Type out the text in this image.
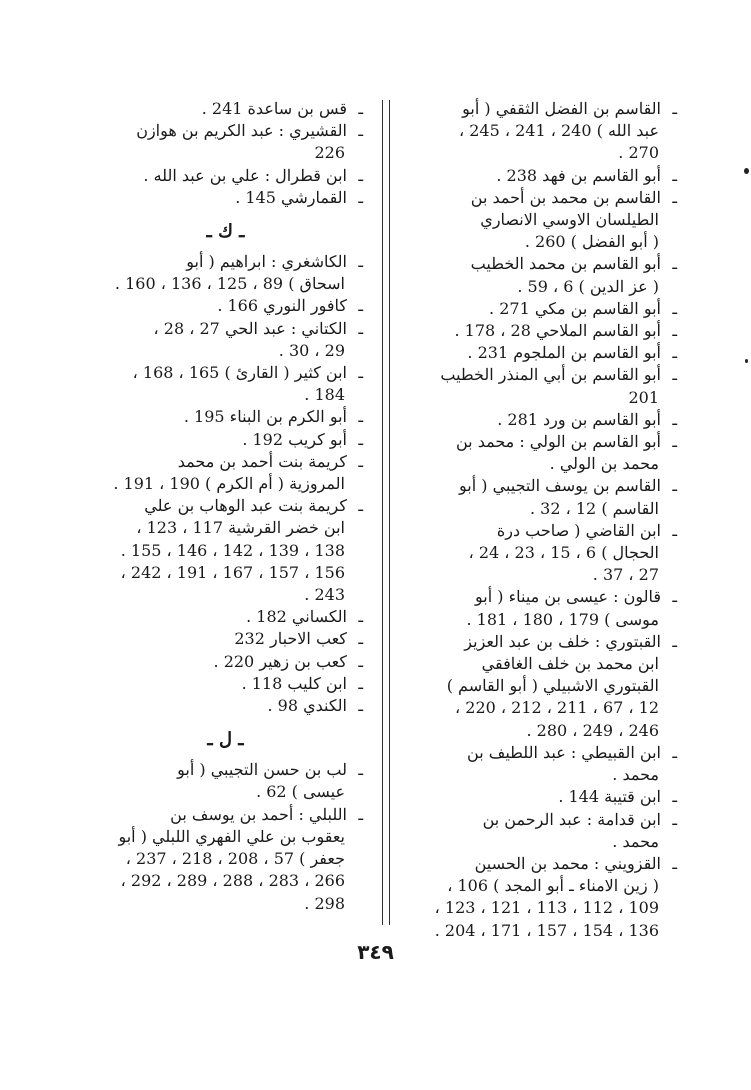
ـالقاسم بن الفضل الثقفي ( أبو
عبد الله ) 240 ، 241 ، 245 ،
270 .
ـأبو القاسم بن فهد 238 .
ـالقاسم بن محمد بن أحمد بن
الطيلسان الاوسي الانصاري
( أبو الفضل ) 260 .
ـأبو القاسم بن محمد الخطيب
( عز الدين ) 6 ، 59 .
ـأبو القاسم بن مكي 271 .
ـأبو القاسم الملاحي 28 ، 178 .
ـأبو القاسم بن الملجوم 231 .
ـأبو القاسم بن أبي المنذر الخطيب
201
ـأبو القاسم بن ورد 281 .
ـأبو القاسم بن الولي : محمد بن
محمد بن الولي .
ـالقاسم بن يوسف التجيبي ( أبو
القاسم ) 12 ، 32 .
ـابن القاضي ( صاحب درة
الحجال ) 6 ، 15 ، 23 ، 24 ،
27 ، 37 .
ـقالون : عيسى بن ميناء ( أبو
موسى ) 179 ، 180 ، 181 .
ـالقبتوري : خلف بن عبد العزيز
ابن محمد بن خلف الغافقي
القبتوري الاشبيلي ( أبو القاسم )
12 ، 67 ، 211 ، 212 ، 220 ،
246 ، 249 ، 280 .
ـابن القبيطي : عبد اللطيف بن
محمد .
ـابن قتيبة 144 .
ـابن قدامة : عبد الرحمن بن
محمد .
ـالقزويني : محمد بن الحسين
( زين الامناء ـ أبو المجد ) 106 ،
109 ، 112 ، 113 ، 121 ، 123 ،
136 ، 154 ، 157 ، 171 ، 204 .
ـقس بن ساعدة 241 .
ـالقشيري : عبد الكريم بن هوازن
226
ـابن قطرال : علي بن عبد الله .
ـالقمارشي 145 .
ـ ك ـ
ـالكاشغري : ابراهيم ( أبو
اسحاق ) 89 ، 125 ، 136 ، 160 .
ـكافور النوري 166 .
ـالكتاني : عبد الحي 27 ، 28 ،
29 ، 30 .
ـابن كثير ( القارئ ) 165 ، 168 ،
184 .
ـأبو الكرم بن البناء 195 .
ـأبو كريب 192 .
ـكريمة بنت أحمد بن محمد
المروزية ( أم الكرم ) 190 ، 191 .
ـكريمة بنت عبد الوهاب بن علي
ابن خضر القرشية 117 ، 123 ،
138 ، 139 ، 142 ، 146 ، 155 .
156 ، 157 ، 167 ، 191 ، 242 ،
243 .
ـالكساني 182 .
ـكعب الاحبار 232
ـكعب بن زهير 220 .
ـابن كليب 118 .
ـالكندي 98 .
ـ ل ـ
ـلب بن حسن التجيبي ( أبو
عيسى ) 62 .
ـاللبلي : أحمد بن يوسف بن
يعقوب بن علي الفهري اللبلي ( أبو
جعفر ) 57 ، 208 ، 218 ، 237 ،
266 ، 283 ، 288 ، 289 ، 292 ،
298 .
٣٤٩
